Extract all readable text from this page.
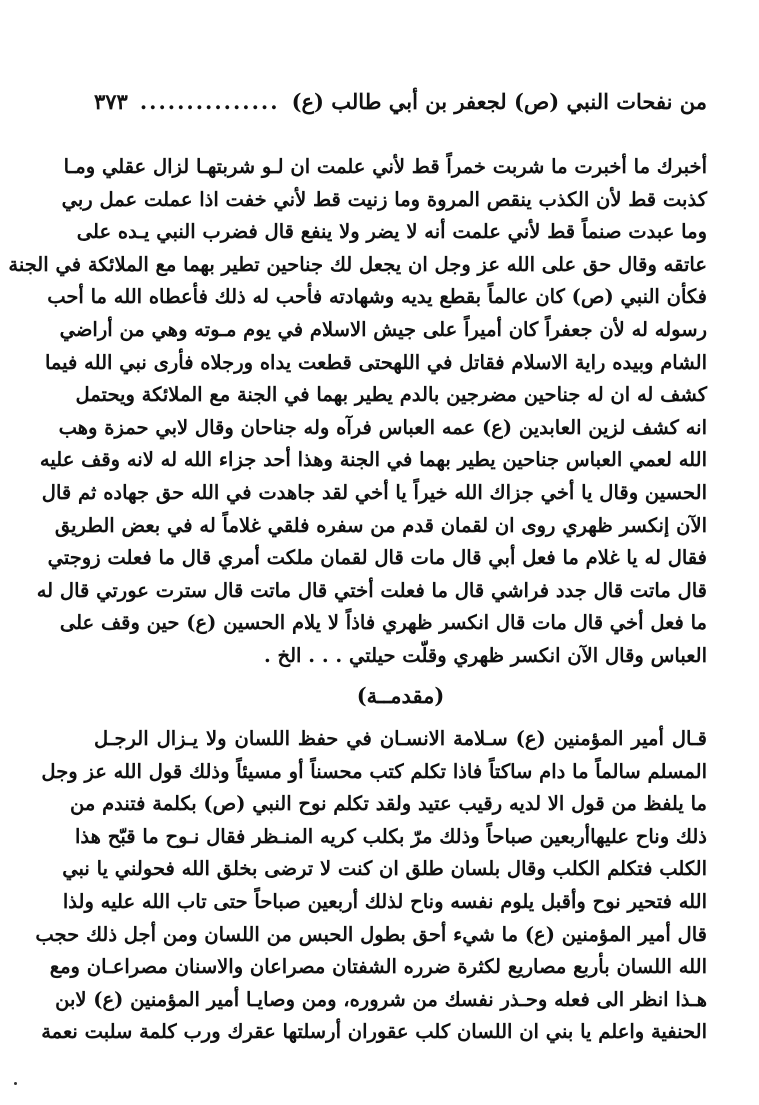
من نفحات النبي (ص) لجعفر بن أبي طالب (ع)
...............
٣٧٣
أخبرك ما أخبرت ما شربت خمراً قط لأني علمت ان لـو شربتهـا لزال عقلي ومـا
كذبت قط لأن الكذب ينقص المروة وما زنيت قط لأني خفت اذا عملت عمل ربي
وما عبدت صنماً قط لأني علمت أنه لا يضر ولا ينفع قال فضرب النبي يـده على
عاتقه وقال حق على الله عز وجل ان يجعل لك جناحين تطير بهما مع الملائكة في الجنة
فكأن النبي (ص) كان عالماً بقطع يديه وشهادته فأحب له ذلك فأعطاه الله ما أحب
رسوله له لأن جعفراً كان أميراً على جيش الاسلام في يوم مـوته وهي من أراضي
الشام وبيده راية الاسلام فقاتل في اللهحتى قطعت يداه ورجلاه فأرى نبي الله فيما
كشف له ان له جناحين مضرجين بالدم يطير بهما في الجنة مع الملائكة ويحتمل
انه كشف لزين العابدين (ع) عمه العباس فرآه وله جناحان وقال لابي حمزة وهب
الله لعمي العباس جناحين يطير بهما في الجنة وهذا أحد جزاء الله له لانه وقف عليه
الحسين وقال يا أخي جزاك الله خيراً يا أخي لقد جاهدت في الله حق جهاده ثم قال
الآن إنكسر ظهري روى ان لقمان قدم من سفره فلقي غلاماً له في بعض الطريق
فقال له يا غلام ما فعل أبي قال مات قال لقمان ملكت أمري قال ما فعلت زوجتي
قال ماتت قال جدد فراشي قال ما فعلت أختي قال ماتت قال سترت عورتي قال له
ما فعل أخي قال مات قال انكسر ظهري فاذاً لا يلام الحسين (ع) حين وقف على
العباس وقال الآن انكسر ظهري وقلّت حيلتي . . . الخ .
(مقدمــة)
قـال أمير المؤمنين (ع) سـلامة الانسـان في حفظ اللسان ولا يـزال الرجـل
المسلم سالماً ما دام ساكتاً فاذا تكلم كتب محسناً أو مسيئاً وذلك قول الله عز وجل
ما يلفظ من قول الا لديه رقيب عتيد ولقد تكلم نوح النبي (ص) بكلمة فتندم من
ذلك وناح عليهاأربعين صباحاً وذلك مرّ بكلب كريه المنـظر فقال نـوح ما قبّح هذا
الكلب فتكلم الكلب وقال بلسان طلق ان كنت لا ترضى بخلق الله فحولني يا نبي
الله فتحير نوح وأقبل يلوم نفسه وناح لذلك أربعين صباحاً حتى تاب الله عليه ولذا
قال أمير المؤمنين (ع) ما شيء أحق بطول الحبس من اللسان ومن أجل ذلك حجب
الله اللسان بأربع مصاريع لكثرة ضرره الشفتان مصراعان والاسنان مصراعـان ومع
هـذا انظر الى فعله وحـذر نفسك من شروره، ومن وصايـا أمير المؤمنين (ع) لابن
الحنفية واعلم يا بني ان اللسان كلب عقوران أرسلتها عقرك ورب كلمة سلبت نعمة
